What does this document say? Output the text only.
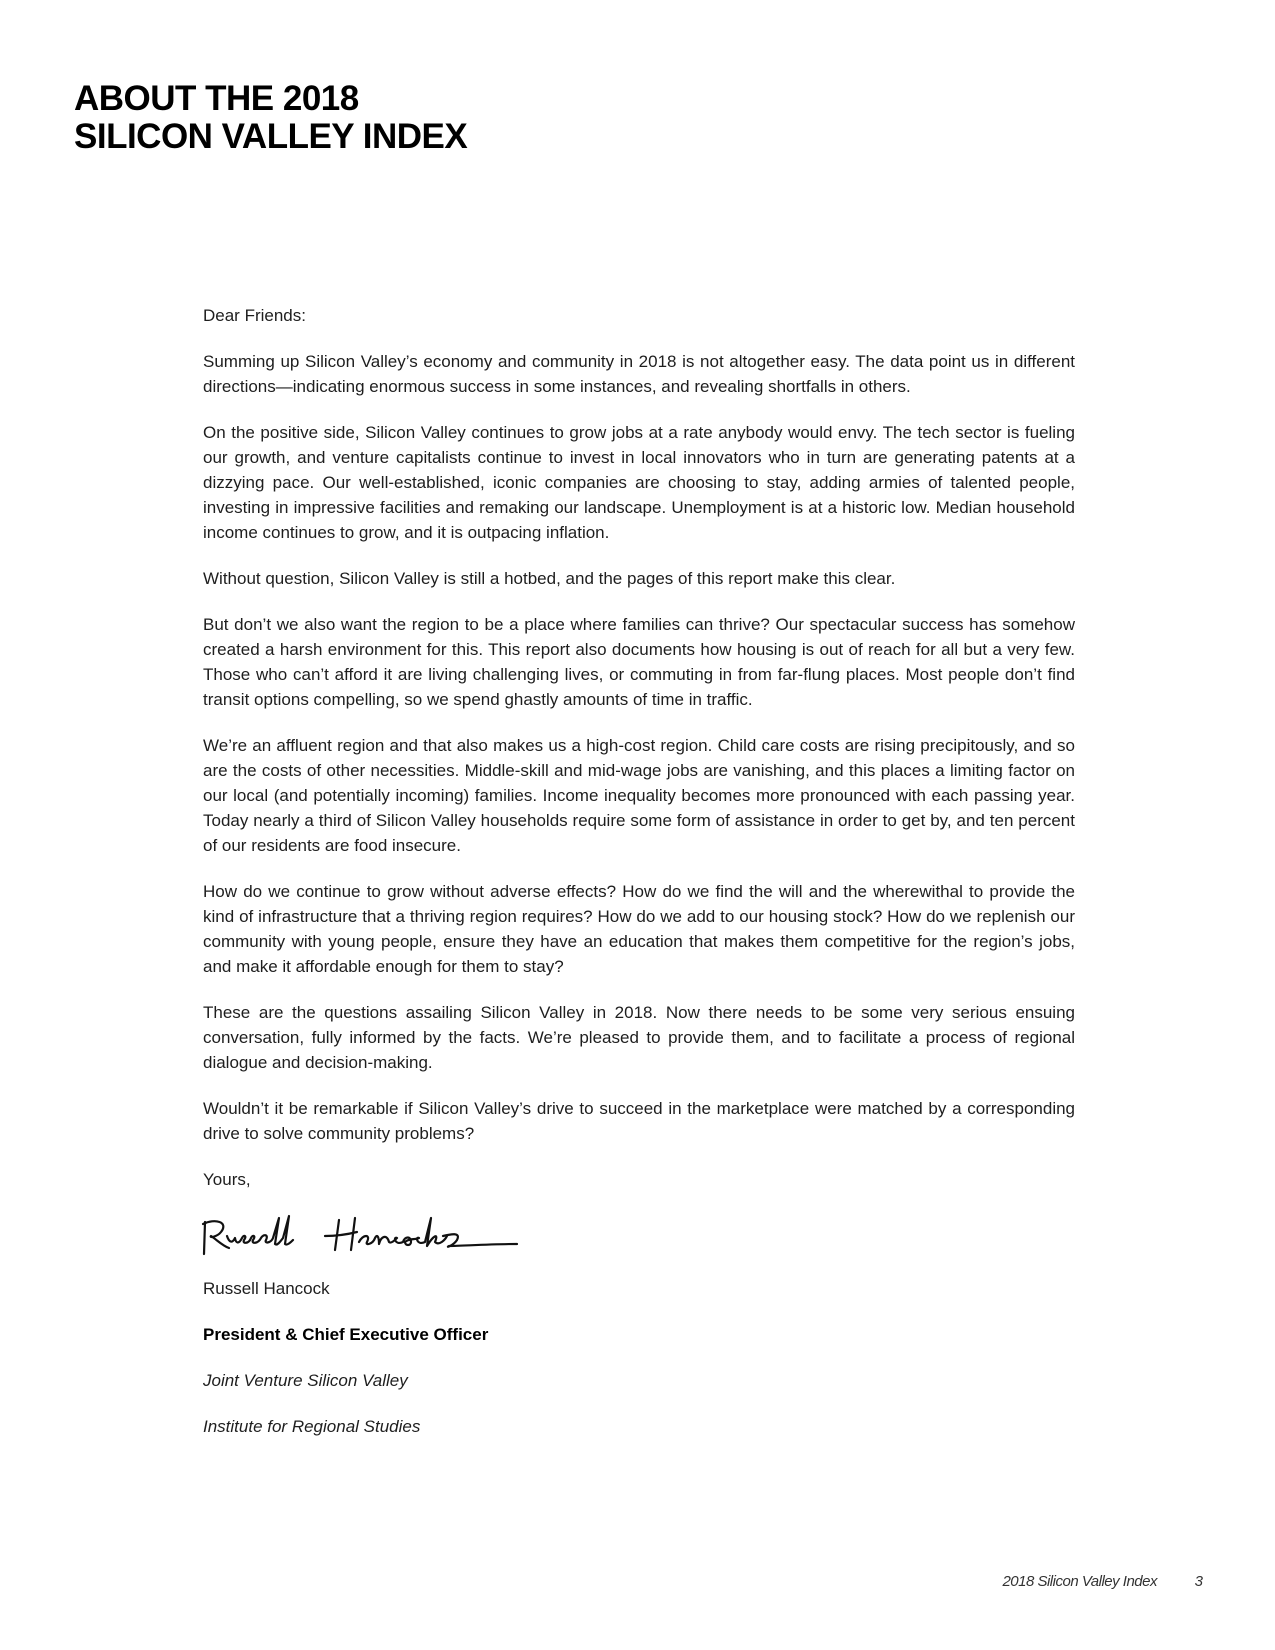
ABOUT THE 2018
SILICON VALLEY INDEX

Dear Friends:

Summing up Silicon Valley’s economy and community in 2018 is not altogether easy. The data point us in different directions—indicating enormous success in some instances, and revealing shortfalls in others.

On the positive side, Silicon Valley continues to grow jobs at a rate anybody would envy. The tech sector is fueling our growth, and venture capitalists continue to invest in local innovators who in turn are generating patents at a dizzying pace. Our well-established, iconic companies are choosing to stay, adding armies of talented people, investing in impressive facilities and remaking our landscape. Unemployment is at a historic low. Median household income continues to grow, and it is outpacing inflation.

Without question, Silicon Valley is still a hotbed, and the pages of this report make this clear.

But don’t we also want the region to be a place where families can thrive? Our spectacular success has somehow created a harsh environment for this. This report also documents how housing is out of reach for all but a very few. Those who can’t afford it are living challenging lives, or commuting in from far-flung places. Most people don’t find transit options compelling, so we spend ghastly amounts of time in traffic.

We’re an affluent region and that also makes us a high-cost region. Child care costs are rising precipitously, and so are the costs of other necessities. Middle-skill and mid-wage jobs are vanishing, and this places a limiting factor on our local (and potentially incoming) families. Income inequality becomes more pronounced with each passing year. Today nearly a third of Silicon Valley households require some form of assistance in order to get by, and ten percent of our residents are food insecure.

How do we continue to grow without adverse effects? How do we find the will and the wherewithal to provide the kind of infrastructure that a thriving region requires? How do we add to our housing stock? How do we replenish our community with young people, ensure they have an education that makes them competitive for the region’s jobs, and make it affordable enough for them to stay?

These are the questions assailing Silicon Valley in 2018. Now there needs to be some very serious ensuing conversation, fully informed by the facts. We’re pleased to provide them, and to facilitate a process of regional dialogue and decision-making.

Wouldn’t it be remarkable if Silicon Valley’s drive to succeed in the marketplace were matched by a corresponding drive to solve community problems?

Yours,

Russell Hancock

President & Chief Executive Officer

Joint Venture Silicon Valley

Institute for Regional Studies

2018 Silicon Valley Index	3
